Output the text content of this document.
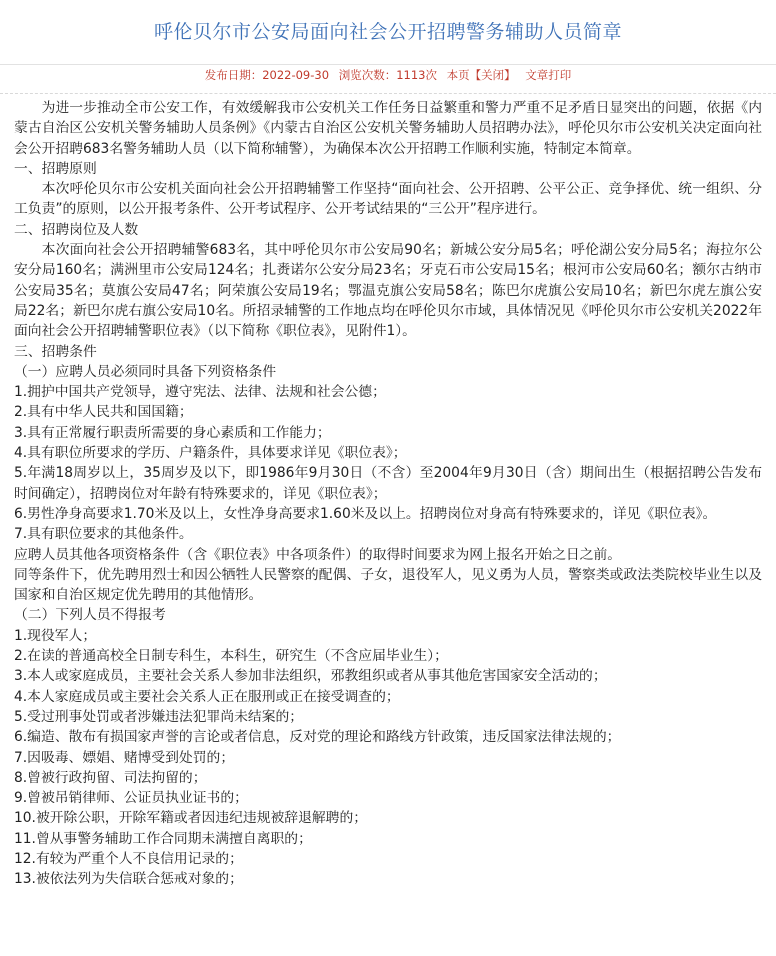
呼伦贝尔市公安局面向社会公开招聘警务辅助人员简章
发布日期：2022-09-30 浏览次数：1113次 本页【关闭】 文章打印

为进一步推动全市公安工作，有效缓解我市公安机关工作任务日益繁重和警力严重不足矛盾日显突出的问题，依据《内蒙古自治区公安机关警务辅助人员条例》《内蒙古自治区公安机关警务辅助人员招聘办法》，呼伦贝尔市公安机关决定面向社会公开招聘683名警务辅助人员（以下简称辅警），为确保本次公开招聘工作顺利实施，特制定本简章。

一、招聘原则

本次呼伦贝尔市公安机关面向社会公开招聘辅警工作坚持“面向社会、公开招聘、公平公正、竞争择优、统一组织、分工负责”的原则，以公开报考条件、公开考试程序、公开考试结果的“三公开”程序进行。

二、招聘岗位及人数

本次面向社会公开招聘辅警683名，其中呼伦贝尔市公安局90名；新城公安分局5名；呼伦湖公安分局5名；海拉尔公安分局160名；满洲里市公安局124名；扎赉诺尔公安分局23名；牙克石市公安局15名；根河市公安局60名；额尔古纳市公安局35名；莫旗公安局47名；阿荣旗公安局19名；鄂温克旗公安局58名；陈巴尔虎旗公安局10名；新巴尔虎左旗公安局22名；新巴尔虎右旗公安局10名。所招录辅警的工作地点均在呼伦贝尔市域，具体情况见《呼伦贝尔市公安机关2022年面向社会公开招聘辅警职位表》（以下简称《职位表》，见附件1）。

三、招聘条件

（一）应聘人员必须同时具备下列资格条件

1.拥护中国共产党领导，遵守宪法、法律、法规和社会公德；

2.具有中华人民共和国国籍；

3.具有正常履行职责所需要的身心素质和工作能力；

4.具有职位所要求的学历、户籍条件，具体要求详见《职位表》；

5.年满18周岁以上，35周岁及以下，即1986年9月30日（不含）至2004年9月30日（含）期间出生（根据招聘公告发布时间确定），招聘岗位对年龄有特殊要求的，详见《职位表》；

6.男性净身高要求1.70米及以上，女性净身高要求1.60米及以上。招聘岗位对身高有特殊要求的，详见《职位表》。

7.具有职位要求的其他条件。

应聘人员其他各项资格条件（含《职位表》中各项条件）的取得时间要求为网上报名开始之日之前。

同等条件下，优先聘用烈士和因公牺牲人民警察的配偶、子女，退役军人，见义勇为人员，警察类或政法类院校毕业生以及国家和自治区规定优先聘用的其他情形。

（二）下列人员不得报考

1.现役军人；

2.在读的普通高校全日制专科生，本科生，研究生（不含应届毕业生）；

3.本人或家庭成员，主要社会关系人参加非法组织，邪教组织或者从事其他危害国家安全活动的；

4.本人家庭成员或主要社会关系人正在服刑或正在接受调查的；

5.受过刑事处罚或者涉嫌违法犯罪尚未结案的；

6.编造、散布有损国家声誉的言论或者信息，反对党的理论和路线方针政策，违反国家法律法规的；

7.因吸毒、嫖娼、赌博受到处罚的；

8.曾被行政拘留、司法拘留的；

9.曾被吊销律师、公证员执业证书的；

10.被开除公职，开除军籍或者因违纪违规被辞退解聘的；

11.曾从事警务辅助工作合同期未满擅自离职的；

12.有较为严重个人不良信用记录的；

13.被依法列为失信联合惩戒对象的；
